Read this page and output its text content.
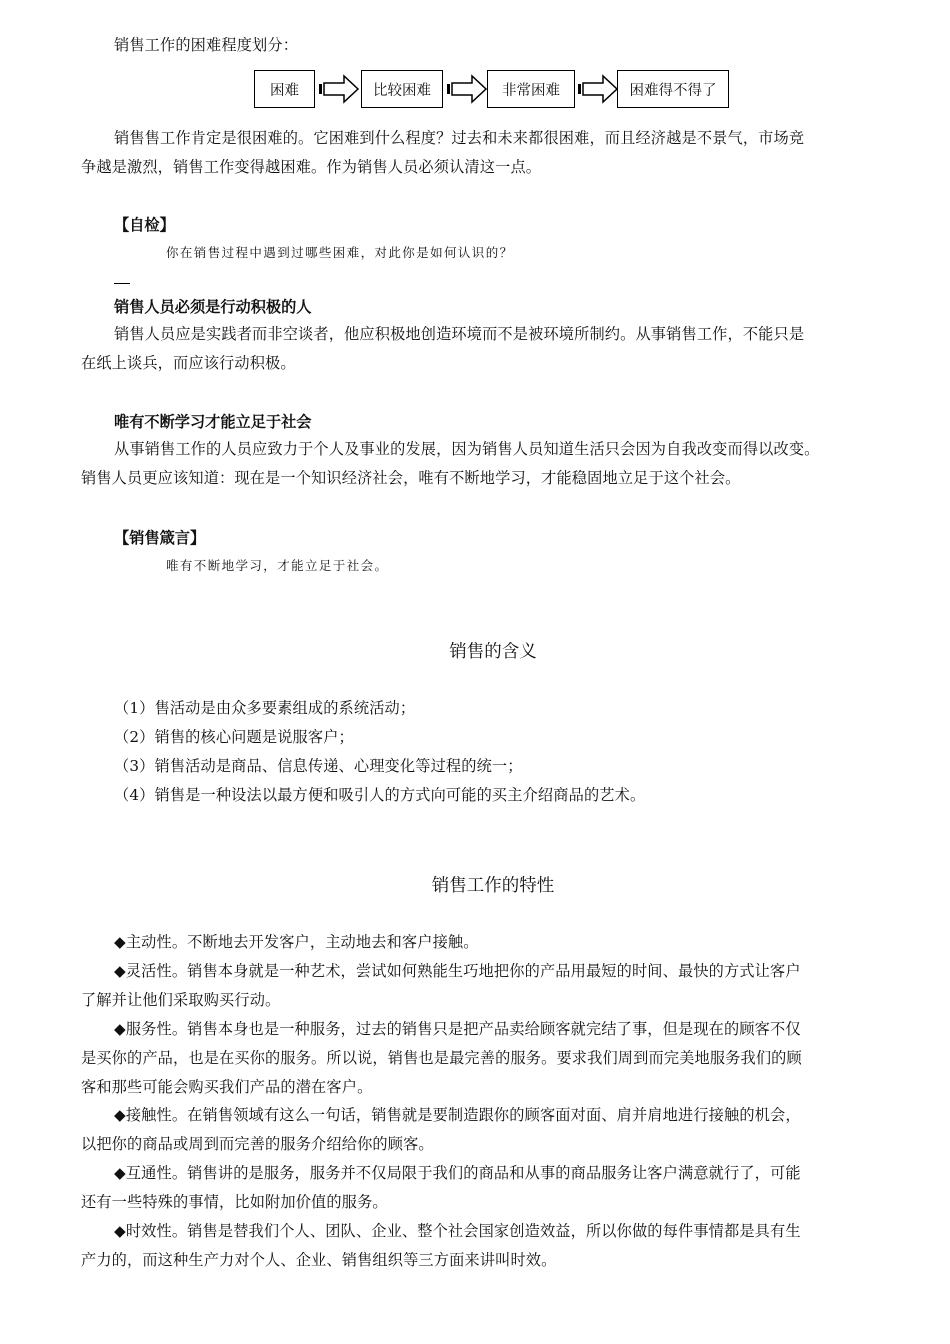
销售工作的困难程度划分：
困难	比较困难	非常困难	困难得不得了
销售售工作肯定是很困难的。它困难到什么程度？过去和未来都很困难，而且经济越是不景气，市场竞
争越是激烈，销售工作变得越困难。作为销售人员必须认清这一点。
【自检】
你在销售过程中遇到过哪些困难，对此你是如何认识的？
销售人员必须是行动积极的人
销售人员应是实践者而非空谈者，他应积极地创造环境而不是被环境所制约。从事销售工作，不能只是
在纸上谈兵，而应该行动积极。
唯有不断学习才能立足于社会
从事销售工作的人员应致力于个人及事业的发展，因为销售人员知道生活只会因为自我改变而得以改变。
销售人员更应该知道：现在是一个知识经济社会，唯有不断地学习，才能稳固地立足于这个社会。
【销售箴言】
唯有不断地学习，才能立足于社会。
销售的含义
（1）售活动是由众多要素组成的系统活动；
（2）销售的核心问题是说服客户；
（3）销售活动是商品、信息传递、心理变化等过程的统一；
（4）销售是一种设法以最方便和吸引人的方式向可能的买主介绍商品的艺术。
销售工作的特性
◆主动性。不断地去开发客户，主动地去和客户接触。
◆灵活性。销售本身就是一种艺术，尝试如何熟能生巧地把你的产品用最短的时间、最快的方式让客户
了解并让他们采取购买行动。
◆服务性。销售本身也是一种服务，过去的销售只是把产品卖给顾客就完结了事，但是现在的顾客不仅
是买你的产品，也是在买你的服务。所以说，销售也是最完善的服务。要求我们周到而完美地服务我们的顾
客和那些可能会购买我们产品的潜在客户。
◆接触性。在销售领域有这么一句话，销售就是要制造跟你的顾客面对面、肩并肩地进行接触的机会，
以把你的商品或周到而完善的服务介绍给你的顾客。
◆互通性。销售讲的是服务，服务并不仅局限于我们的商品和从事的商品服务让客户满意就行了，可能
还有一些特殊的事情，比如附加价值的服务。
◆时效性。销售是替我们个人、团队、企业、整个社会国家创造效益，所以你做的每件事情都是具有生
产力的，而这种生产力对个人、企业、销售组织等三方面来讲叫时效。
